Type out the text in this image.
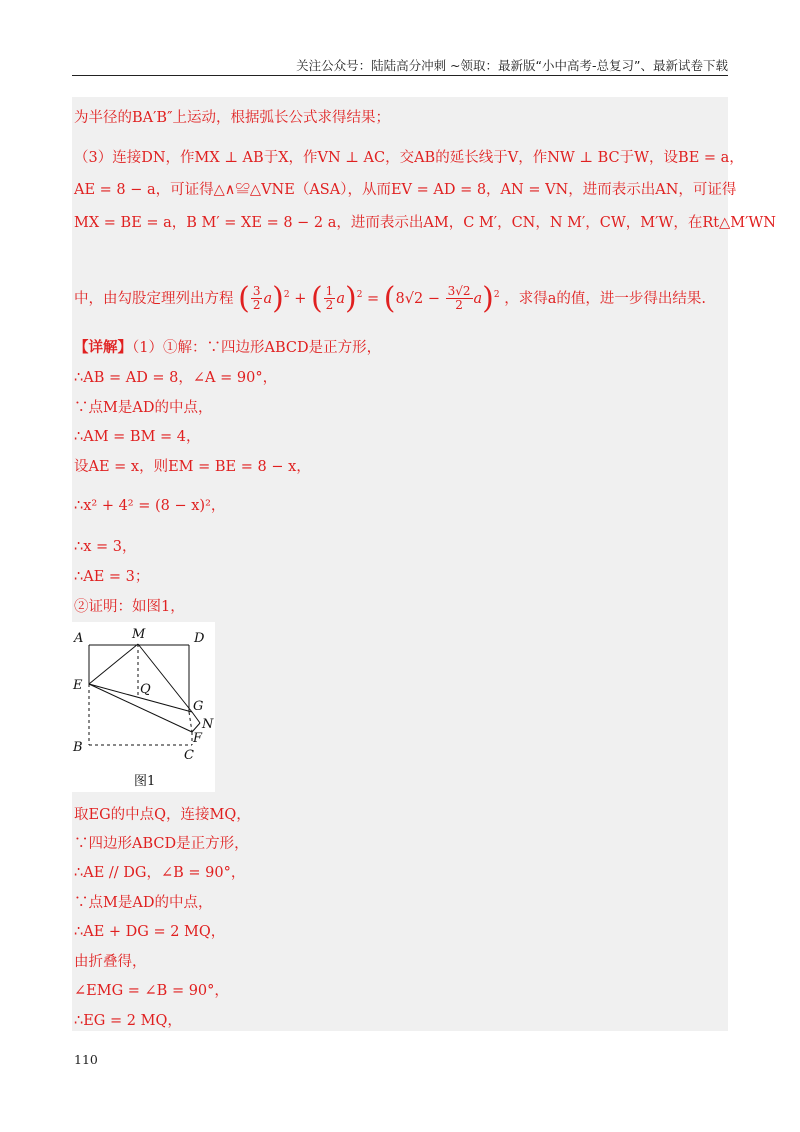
关注公众号：陆陆高分冲刺 ~领取：最新版“小中高考-总复习”、最新试卷下载
为半径的BA′B″上运动，根据弧长公式求得结果；
（3）连接DN，作MX ⊥ AB于X，作VN ⊥ AC，交AB的延长线于V，作NW ⊥ BC于W，设BE = a，
AE = 8 − a，可证得△∧≌△VNE（ASA），从而EV = AD = 8，AN = VN，进而表示出AN，可证得
MX = BE = a，B M′ = XE = 8 − 2 a，进而表示出AM，C M′，CN，N M′，CW，M′W，在Rt△M′WN
中，由勾股定理列出方程 ( $\frac{3}{2} a)^2$ + ( $\frac{1}{2} a)^2 = (8√2 - \frac{3√2}{2} a)^2$ ，求得a的值，进一步得出结果.
【详解】（1）①解：∵四边形ABCD是正方形，
∴AB = AD = 8，∠A = 90°，
∵点M是AD的中点，
∴AM = BM = 4，
设AE = x，则EM = BE = 8 − x，
∴x² + 4² = (8 − x)²，
∴x = 3，
∴AE = 3；
②证明：如图1，
A	M	D
E	Q
G
N
F
B
C
图1
取EG的中点Q，连接MQ，
∵四边形ABCD是正方形，
∴AE // DG，∠B = 90°，
∵点M是AD的中点，
∴AE + DG = 2 MQ，
由折叠得，
∠EMG = ∠B = 90°，
∴EG = 2 MQ，
110
